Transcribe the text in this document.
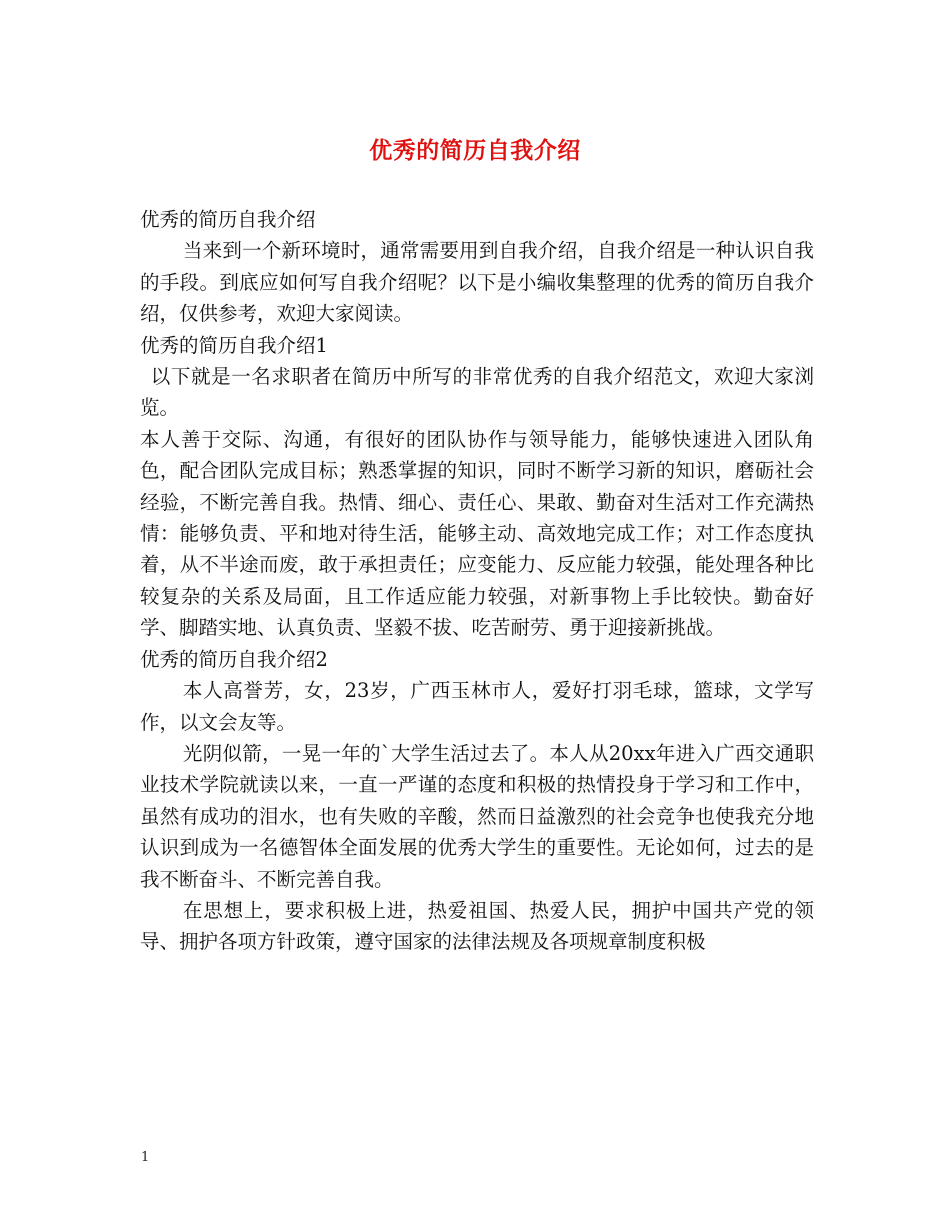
优秀的简历自我介绍

优秀的简历自我介绍

当来到一个新环境时，通常需要用到自我介绍，自我介绍是一种认识自我的手段。到底应如何写自我介绍呢？以下是小编收集整理的优秀的简历自我介绍，仅供参考，欢迎大家阅读。

优秀的简历自我介绍1

以下就是一名求职者在简历中所写的非常优秀的自我介绍范文，欢迎大家浏览。

本人善于交际、沟通，有很好的团队协作与领导能力，能够快速进入团队角色，配合团队完成目标；熟悉掌握的知识，同时不断学习新的知识，磨砺社会经验，不断完善自我。热情、细心、责任心、果敢、勤奋对生活对工作充满热情：能够负责、平和地对待生活，能够主动、高效地完成工作；对工作态度执着，从不半途而废，敢于承担责任；应变能力、反应能力较强，能处理各种比较复杂的关系及局面，且工作适应能力较强，对新事物上手比较快。勤奋好学、脚踏实地、认真负责、坚毅不拔、吃苦耐劳、勇于迎接新挑战。

优秀的简历自我介绍2

本人高誉芳，女，23岁，广西玉林市人，爱好打羽毛球，篮球，文学写作，以文会友等。

光阴似箭，一晃一年的`大学生活过去了。本人从20xx年进入广西交通职业技术学院就读以来，一直一严谨的态度和积极的热情投身于学习和工作中，虽然有成功的泪水，也有失败的辛酸，然而日益激烈的社会竞争也使我充分地认识到成为一名德智体全面发展的优秀大学生的重要性。无论如何，过去的是我不断奋斗、不断完善自我。

在思想上，要求积极上进，热爱祖国、热爱人民，拥护中国共产党的领导、拥护各项方针政策，遵守国家的法律法规及各项规章制度积极

1
